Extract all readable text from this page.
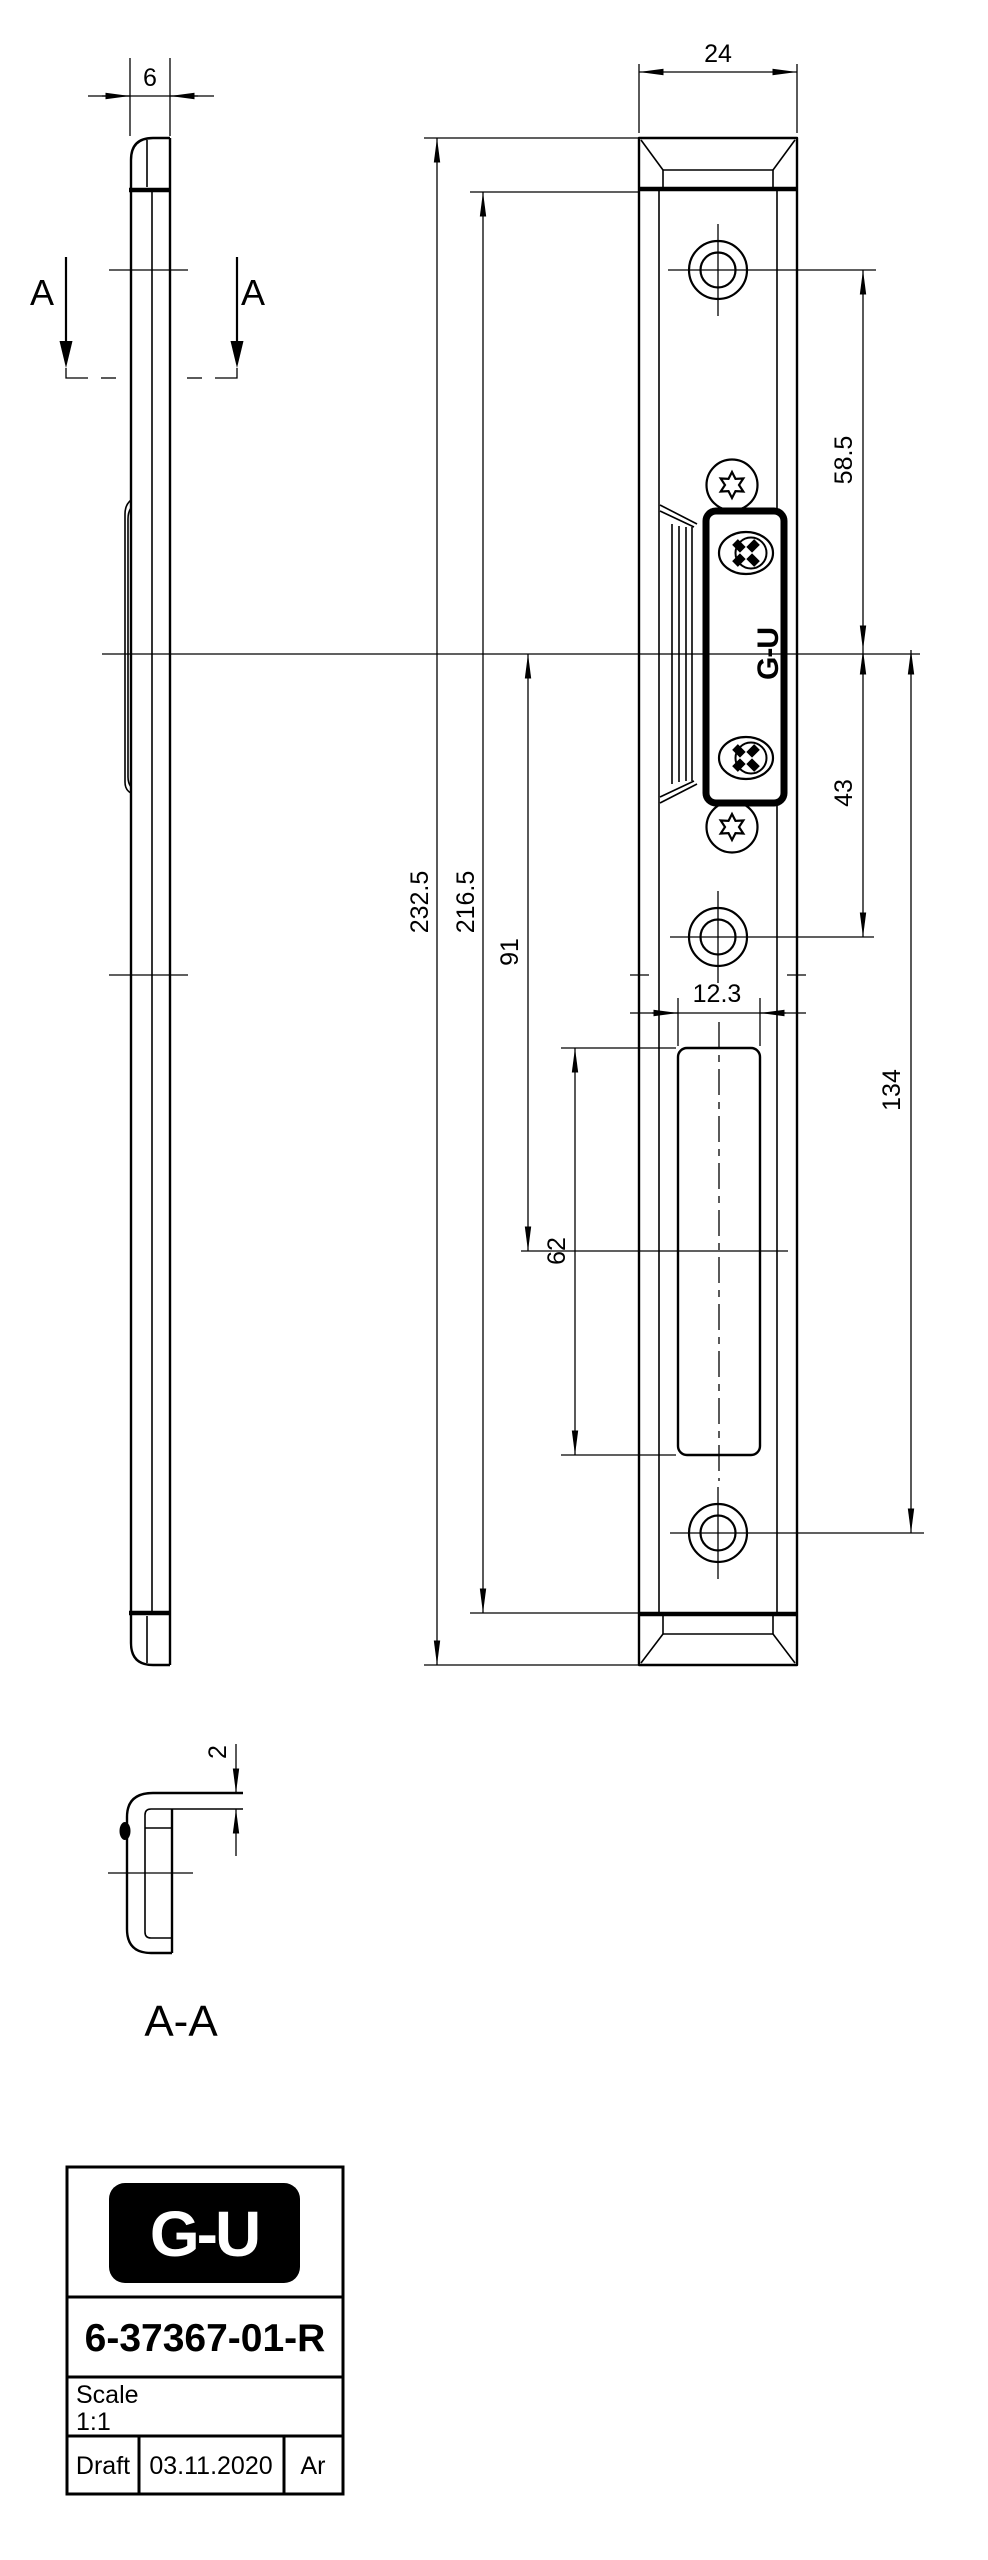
6
A	A
G-U
24
232.5 216.5
91
62
58.5
43
134
12.3
2
A-A
G-U
6-37367-01-R
Scale
1:1
Draft 03.11.2020 Ar
